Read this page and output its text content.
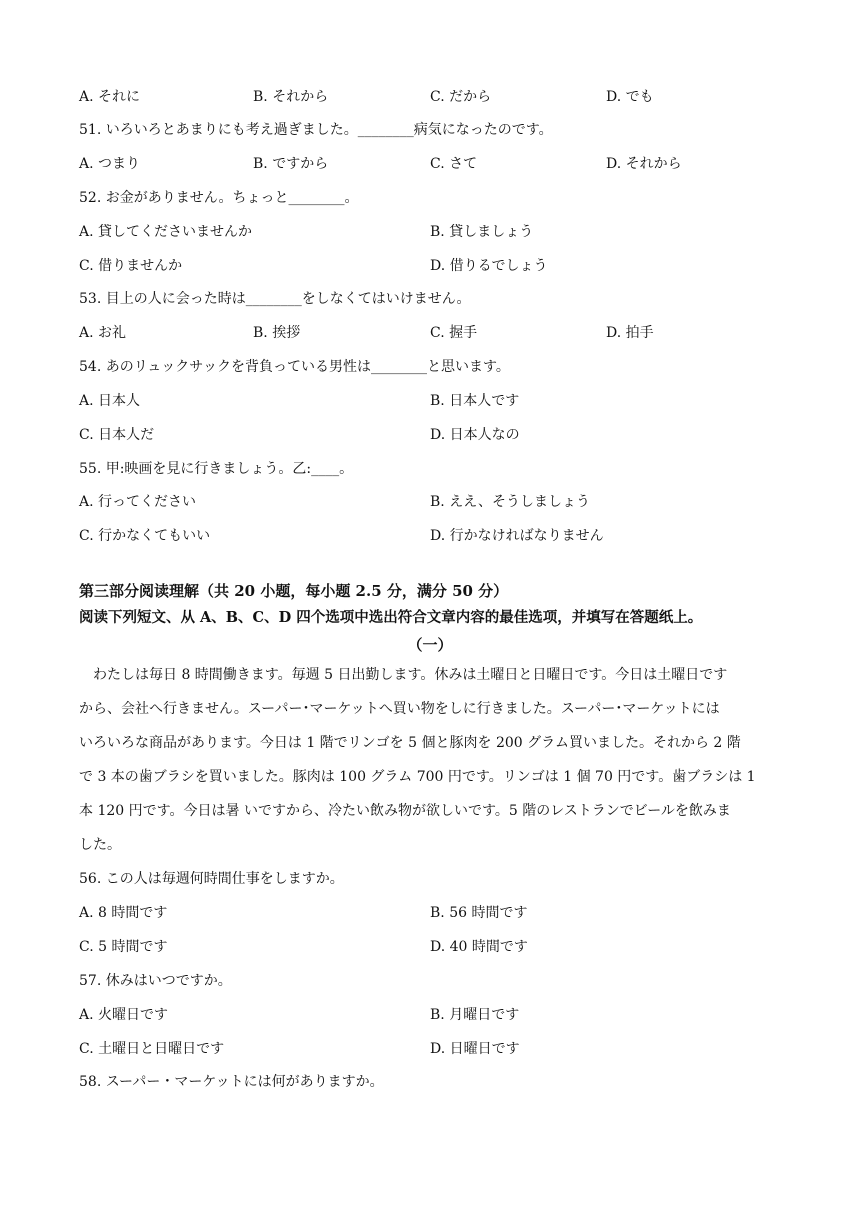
A. それに	B. それから	C. だから	D. でも
51. いろいろとあまりにも考え過ぎました。________病気になったのです。
A. つまり	B. ですから	C. さて	D. それから
52. お金がありません。ちょっと________。
A. 貸してくださいませんか	B. 貸しましょう
C. 借りませんか	D. 借りるでしょう
53. 目上の人に会った時は________をしなくてはいけません。
A. お礼	B. 挨拶	C. 握手	D. 拍手
54. あのリュックサックを背負っている男性は________と思います。
A. 日本人	B. 日本人です
C. 日本人だ	D. 日本人なの
55. 甲:映画を見に行きましょう。乙:____。
A. 行ってください	B. ええ、そうしましょう
C. 行かなくてもいい	D. 行かなければなりません
第三部分阅读理解（共 20 小题，每小题 2.5 分，满分 50 分）
阅读下列短文、从 A、B、C、D 四个选项中选出符合文章内容的最佳选项，并填写在答题纸上。
（一）
わたしは毎日 8 時間働きます。毎週 5 日出勤します。休みは土曜日と日曜日です。今日は土曜日です
から、会社へ行きません。スーパー･マーケットへ買い物をしに行きました。スーパー･マーケットには
いろいろな商品があります。今日は 1 階でリンゴを 5 個と豚肉を 200 グラム買いました。それから 2 階
で 3 本の歯ブラシを買いました。豚肉は 100 グラム 700 円です。リンゴは 1 個 70 円です。歯ブラシは 1
本 120 円です。今日は暑 いですから、冷たい飲み物が欲しいです。5 階のレストランでビールを飲みま
した。
56. この人は毎週何時間仕事をしますか。
A. 8 時間です	B. 56 時間です
C. 5 時間です	D. 40 時間です
57. 休みはいつですか。
A. 火曜日です	B. 月曜日です
C. 土曜日と日曜日です	D. 日曜日です
58. スーパー・マーケットには何がありますか。
